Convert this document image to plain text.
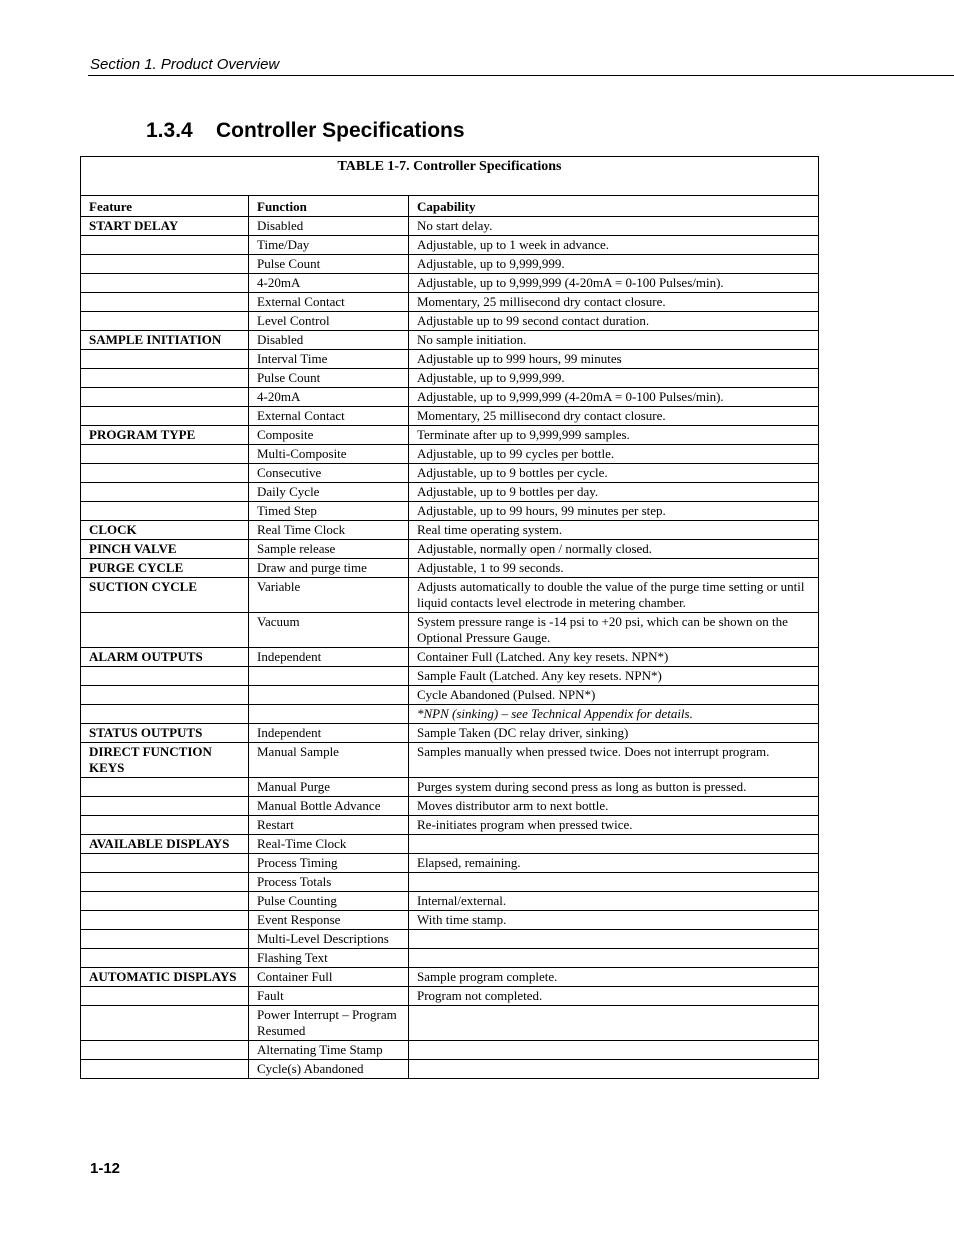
Section 1. Product Overview
1.3.4 Controller Specifications
TABLE 1-7. Controller Specifications		
Feature	Function	Capability
START DELAY	Disabled	No start delay.
	Time/Day	Adjustable, up to 1 week in advance.
	Pulse Count	Adjustable, up to 9,999,999.
	4-20mA	Adjustable, up to 9,999,999 (4-20mA = 0-100 Pulses/min).
	External Contact	Momentary, 25 millisecond dry contact closure.
	Level Control	Adjustable up to 99 second contact duration.
SAMPLE INITIATION	Disabled	No sample initiation.
	Interval Time	Adjustable up to 999 hours, 99 minutes
	Pulse Count	Adjustable, up to 9,999,999.
	4-20mA	Adjustable, up to 9,999,999 (4-20mA = 0-100 Pulses/min).
	External Contact	Momentary, 25 millisecond dry contact closure.
PROGRAM TYPE	Composite	Terminate after up to 9,999,999 samples.
	Multi-Composite	Adjustable, up to 99 cycles per bottle.
	Consecutive	Adjustable, up to 9 bottles per cycle.
	Daily Cycle	Adjustable, up to 9 bottles per day.
	Timed Step	Adjustable, up to 99 hours, 99 minutes per step.
CLOCK	Real Time Clock	Real time operating system.
PINCH VALVE	Sample release	Adjustable, normally open / normally closed.
PURGE CYCLE	Draw and purge time	Adjustable, 1 to 99 seconds.
SUCTION CYCLE	Variable	Adjusts automatically to double the value of the purge time setting or until liquid contacts level electrode in metering chamber.
	Vacuum	System pressure range is -14 psi to +20 psi, which can be shown on the Optional Pressure Gauge.
ALARM OUTPUTS	Independent	Container Full (Latched. Any key resets. NPN*)
		Sample Fault (Latched. Any key resets. NPN*)
		Cycle Abandoned (Pulsed. NPN*)
		*NPN (sinking) – see Technical Appendix for details.
STATUS OUTPUTS	Independent	Sample Taken (DC relay driver, sinking)
DIRECT FUNCTION KEYS	Manual Sample	Samples manually when pressed twice. Does not interrupt program.
	Manual Purge	Purges system during second press as long as button is pressed.
	Manual Bottle Advance	Moves distributor arm to next bottle.
	Restart	Re-initiates program when pressed twice.
AVAILABLE DISPLAYS	Real-Time Clock	
	Process Timing	Elapsed, remaining.
	Process Totals	
	Pulse Counting	Internal/external.
	Event Response	With time stamp.
	Multi-Level Descriptions	
	Flashing Text	
AUTOMATIC DISPLAYS	Container Full	Sample program complete.
	Fault	Program not completed.
	Power Interrupt – Program Resumed	
	Alternating Time Stamp	
	Cycle(s) Abandoned	
1-12
